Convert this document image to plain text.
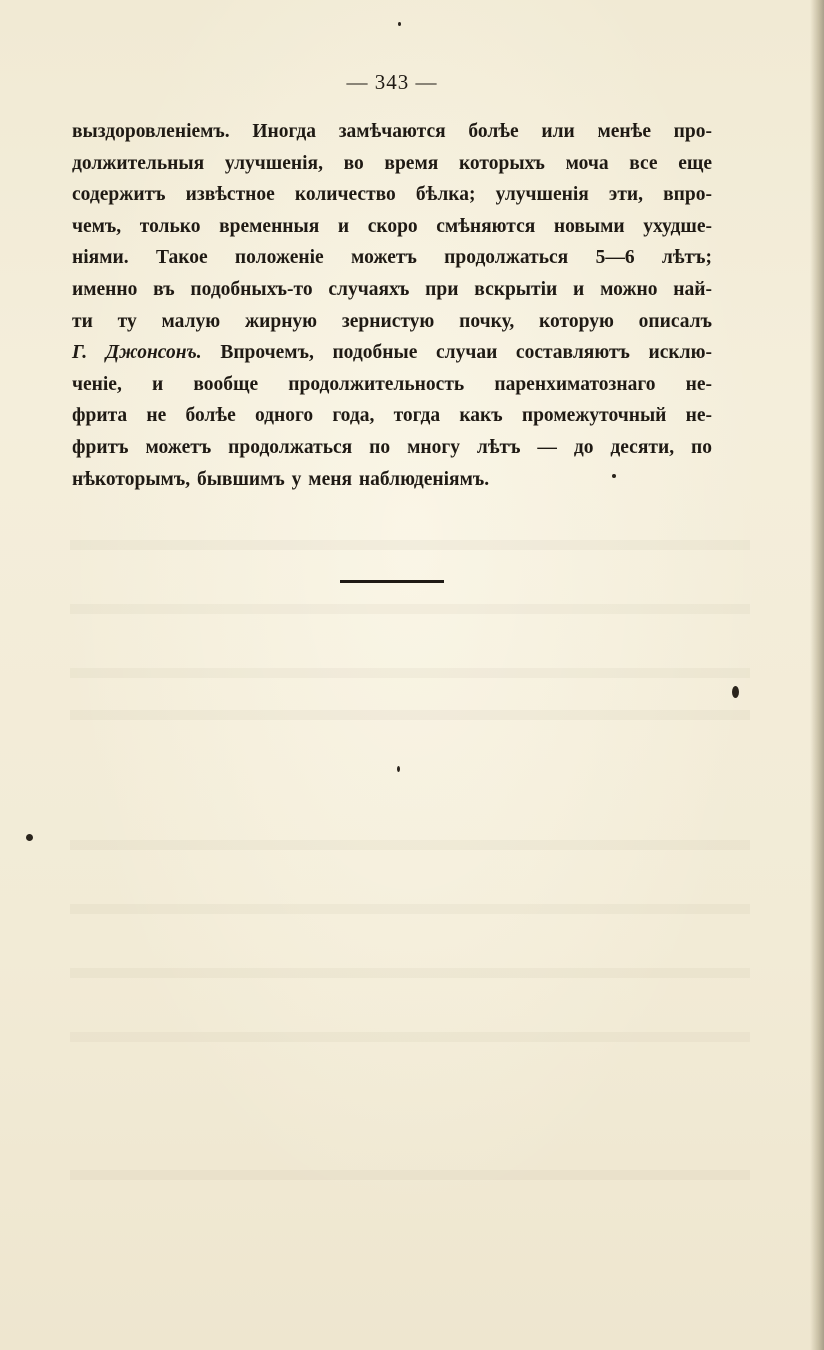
— 343 —
выздоровленіемъ. Иногда замѣчаются болѣе или менѣе про-
должительныя улучшенія, во время которыхъ моча все еще
содержитъ извѣстное количество бѣлка; улучшенія эти, впро-
чемъ, только временныя и скоро смѣняются новыми ухудше-
ніями. Такое положеніе можетъ продолжаться 5—6 лѣтъ;
именно въ подобныхъ-то случаяхъ при вскрытіи и можно най-
ти ту малую жирную зернистую почку, которую описалъ
Г. Джонсонъ. Впрочемъ, подобные случаи составляютъ исклю-
ченіе, и вообще продолжительность паренхиматознаго не-
фрита не болѣе одного года, тогда какъ промежуточный не-
фритъ можетъ продолжаться по многу лѣтъ — до десяти, по
нѣкоторымъ, бывшимъ у меня наблюденіямъ.
